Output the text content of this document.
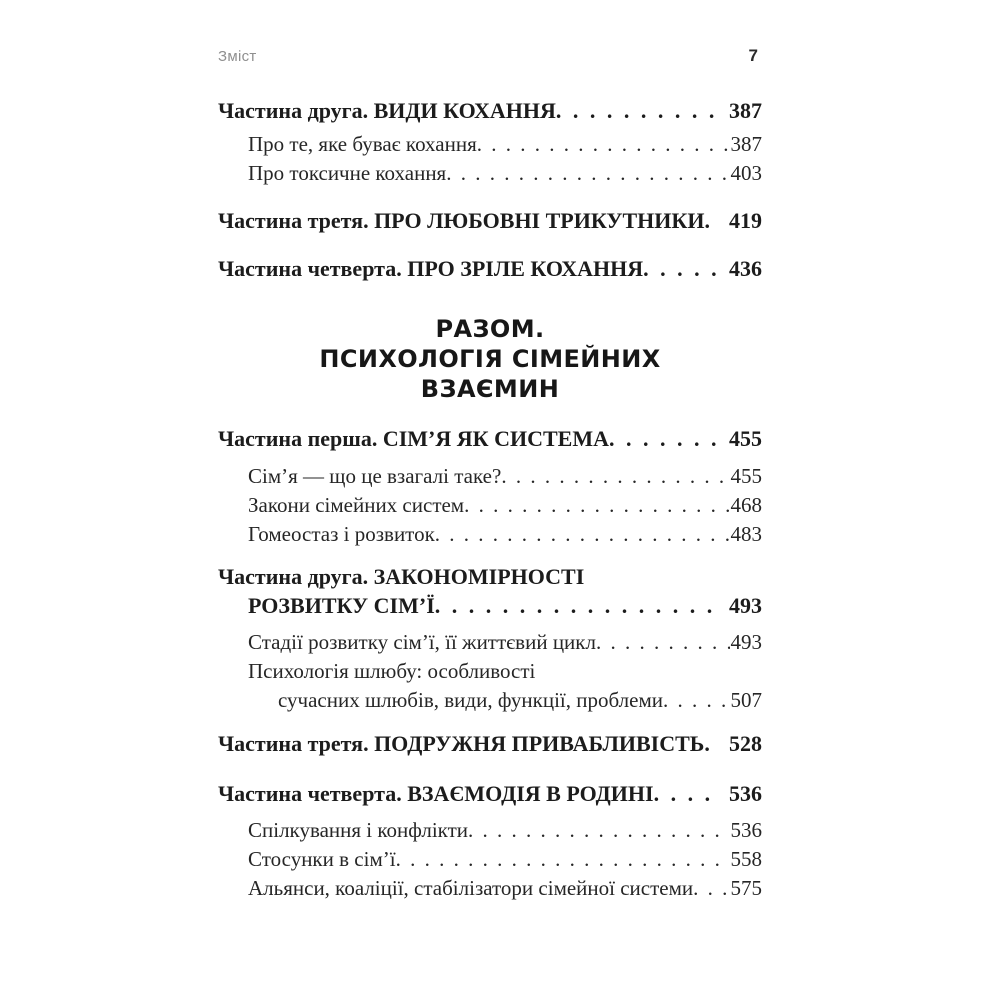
Зміст	7
Частина друга. ВИДИ КОХАННЯ . . .	387
Про те, яке буває кохання . . .	387
Про токсичне кохання . . .	403
Частина третя. ПРО ЛЮБОВНІ ТРИКУТНИКИ . . . 419
Частина четверта. ПРО ЗРІЛЕ КОХАННЯ . . .	436
РАЗОМ.
ПСИХОЛОГІЯ СІМЕЙНИХ
ВЗАЄМИН
Частина перша. СІМ’Я ЯК СИСТЕМА . . .	455
Сім’я — що це взагалі таке? . . .	455
Закони сімейних систем . . .	468
Гомеостаз і розвиток . . .	483
Частина друга. ЗАКОНОМІРНОСТІ
РОЗВИТКУ СІМ’Ї . . .	493
Стадії розвитку сім’ї, її життєвий цикл . . .	493
Психологія шлюбу: особливості
сучасних шлюбів, види, функції, проблеми . . .	507
Частина третя. ПОДРУЖНЯ ПРИВАБЛИВІСТЬ . . . 528
Частина четверта. ВЗАЄМОДІЯ В РОДИНІ . . .	536
Спілкування і конфлікти . . .	536
Стосунки в сім’ї . . .	558
Альянси, коаліції, стабілізатори сімейної системи . . . 575
